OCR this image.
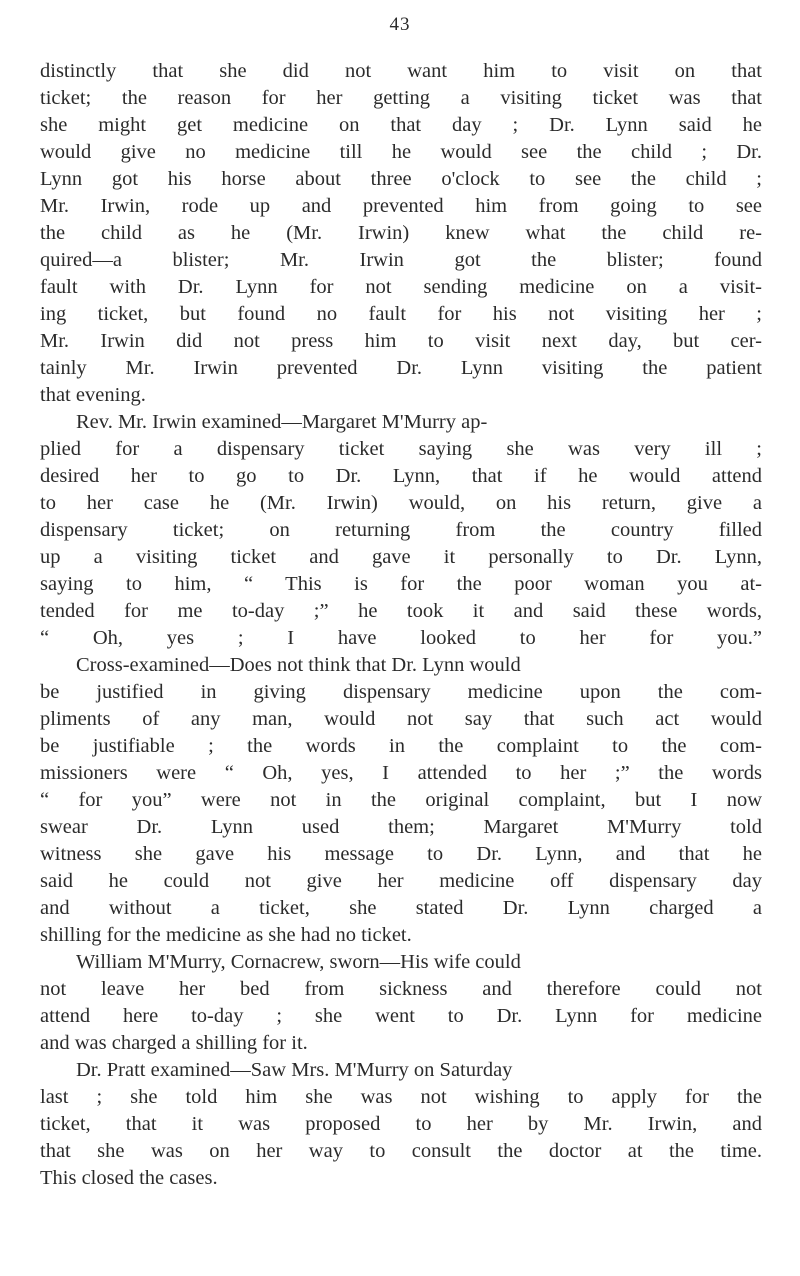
43
distinctly that she did not want him to visit on that
ticket; the reason for her getting a visiting ticket was that
she might get medicine on that day ; Dr. Lynn said he
would give no medicine till he would see the child ; Dr.
Lynn got his horse about three o'clock to see the child ;
Mr. Irwin, rode up and prevented him from going to see
the child as he (Mr. Irwin) knew what the child re-
quired—a blister; Mr. Irwin got the blister; found
fault with Dr. Lynn for not sending medicine on a visit-
ing ticket, but found no fault for his not visiting her ;
Mr. Irwin did not press him to visit next day, but cer-
tainly Mr. Irwin prevented Dr. Lynn visiting the patient
that evening.
Rev. Mr. Irwin examined—Margaret M'Murry ap-
plied for a dispensary ticket saying she was very ill ;
desired her to go to Dr. Lynn, that if he would attend
to her case he (Mr. Irwin) would, on his return, give a
dispensary ticket; on returning from the country filled
up a visiting ticket and gave it personally to Dr. Lynn,
saying to him, “ This is for the poor woman you at-
tended for me to-day ;” he took it and said these words,
“ Oh, yes ; I have looked to her for you.”
Cross-examined—Does not think that Dr. Lynn would
be justified in giving dispensary medicine upon the com-
pliments of any man, would not say that such act would
be justifiable ; the words in the complaint to the com-
missioners were “ Oh, yes, I attended to her ;” the words
“ for you” were not in the original complaint, but I now
swear Dr. Lynn used them; Margaret M'Murry told
witness she gave his message to Dr. Lynn, and that he
said he could not give her medicine off dispensary day
and without a ticket, she stated Dr. Lynn charged a
shilling for the medicine as she had no ticket.
William M'Murry, Cornacrew, sworn—His wife could
not leave her bed from sickness and therefore could not
attend here to-day ; she went to Dr. Lynn for medicine
and was charged a shilling for it.
Dr. Pratt examined—Saw Mrs. M'Murry on Saturday
last ; she told him she was not wishing to apply for the
ticket, that it was proposed to her by Mr. Irwin, and
that she was on her way to consult the doctor at the time.
This closed the cases.
